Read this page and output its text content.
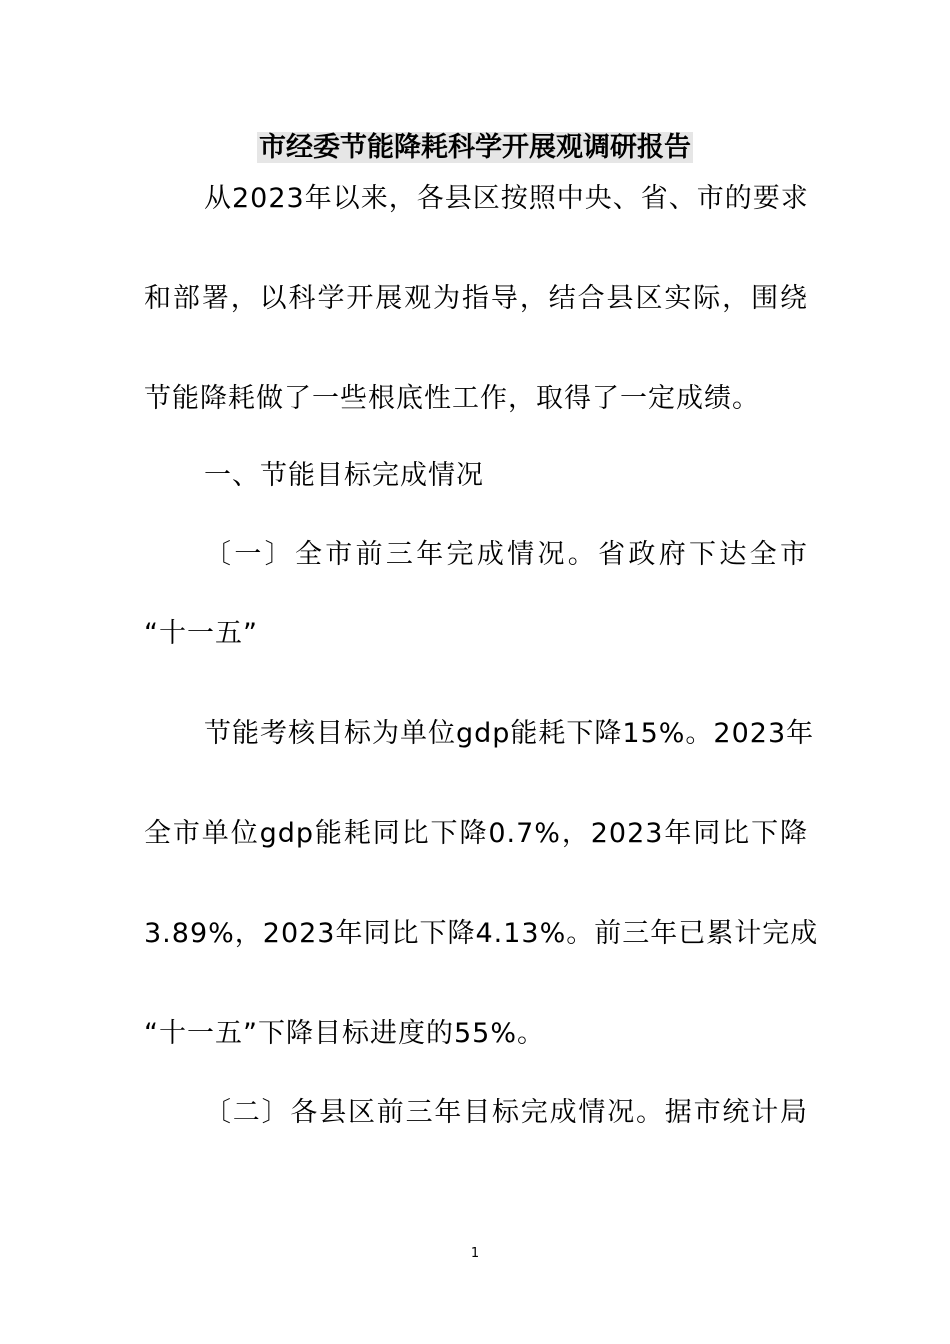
市经委节能降耗科学开展观调研报告
从2023年以来，各县区按照中央、省、市的要求
和部署，以科学开展观为指导，结合县区实际，围绕
节能降耗做了一些根底性工作，取得了一定成绩。
一、节能目标完成情况
〔一〕全市前三年完成情况。省政府下达全市
“十一五”
节能考核目标为单位gdp能耗下降15%。2023年
全市单位gdp能耗同比下降0.7%，2023年同比下降
3.89%，2023年同比下降4.13%。前三年已累计完成
“十一五”下降目标进度的55%。
〔二〕各县区前三年目标完成情况。据市统计局
1
